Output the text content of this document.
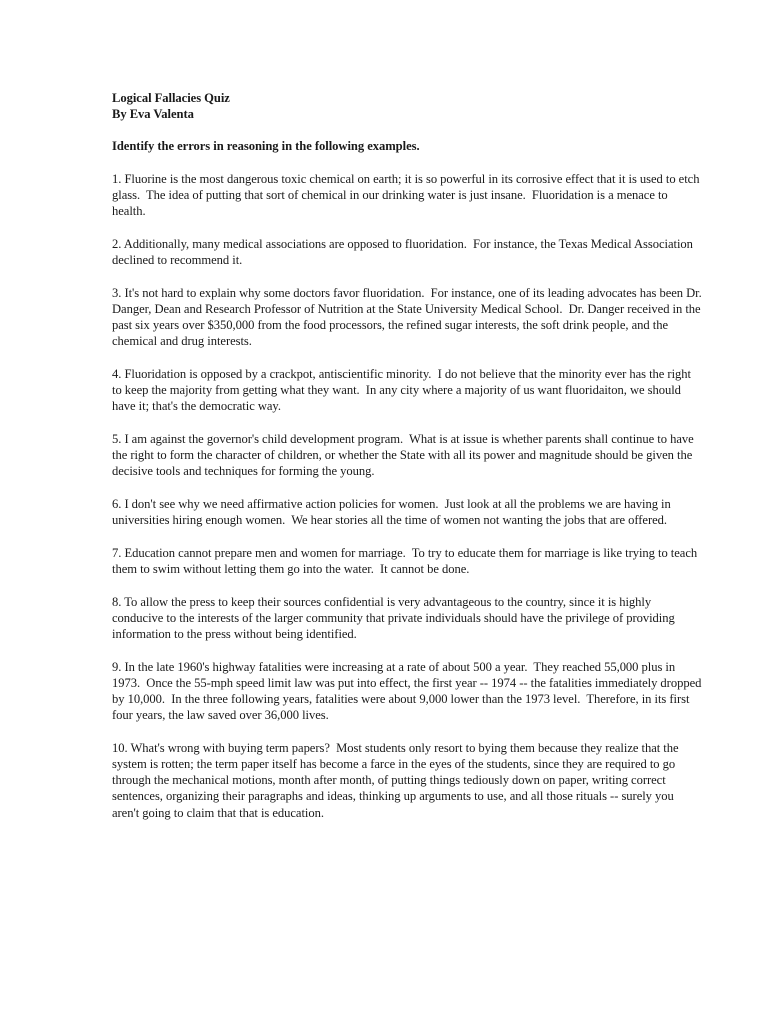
Logical Fallacies Quiz
By Eva Valenta

Identify the errors in reasoning in the following examples.

1. Fluorine is the most dangerous toxic chemical on earth; it is so powerful in its corrosive effect that it is used to etch glass.  The idea of putting that sort of chemical in our drinking water is just insane.  Fluoridation is a menace to health.

2. Additionally, many medical associations are opposed to fluoridation.  For instance, the Texas Medical Association declined to recommend it.

3. It's not hard to explain why some doctors favor fluoridation.  For instance, one of its leading advocates has been Dr. Danger, Dean and Research Professor of Nutrition at the State University Medical School.  Dr. Danger received in the past six years over $350,000 from the food processors, the refined sugar interests, the soft drink people, and the chemical and drug interests.

4. Fluoridation is opposed by a crackpot, antiscientific minority.  I do not believe that the minority ever has the right to keep the majority from getting what they want.  In any city where a majority of us want fluoridaiton, we should have it; that's the democratic way.

5. I am against the governor's child development program.  What is at issue is whether parents shall continue to have the right to form the character of children, or whether the State with all its power and magnitude should be given the decisive tools and techniques for forming the young.

6. I don't see why we need affirmative action policies for women.  Just look at all the problems we are having in universities hiring enough women.  We hear stories all the time of women not wanting the jobs that are offered.

7. Education cannot prepare men and women for marriage.  To try to educate them for marriage is like trying to teach them to swim without letting them go into the water.  It cannot be done.

8. To allow the press to keep their sources confidential is very advantageous to the country, since it is highly conducive to the interests of the larger community that private individuals should have the privilege of providing information to the press without being identified.

9. In the late 1960's highway fatalities were increasing at a rate of about 500 a year.  They reached 55,000 plus in 1973.  Once the 55-mph speed limit law was put into effect, the first year -- 1974 -- the fatalities immediately dropped by 10,000.  In the three following years, fatalities were about 9,000 lower than the 1973 level.  Therefore, in its first four years, the law saved over 36,000 lives.

10. What's wrong with buying term papers?  Most students only resort to bying them because they realize that the system is rotten; the term paper itself has become a farce in the eyes of the students, since they are required to go through the mechanical motions, month after month, of putting things tediously down on paper, writing correct sentences, organizing their paragraphs and ideas, thinking up arguments to use, and all those rituals -- surely you aren't going to claim that that is education.
